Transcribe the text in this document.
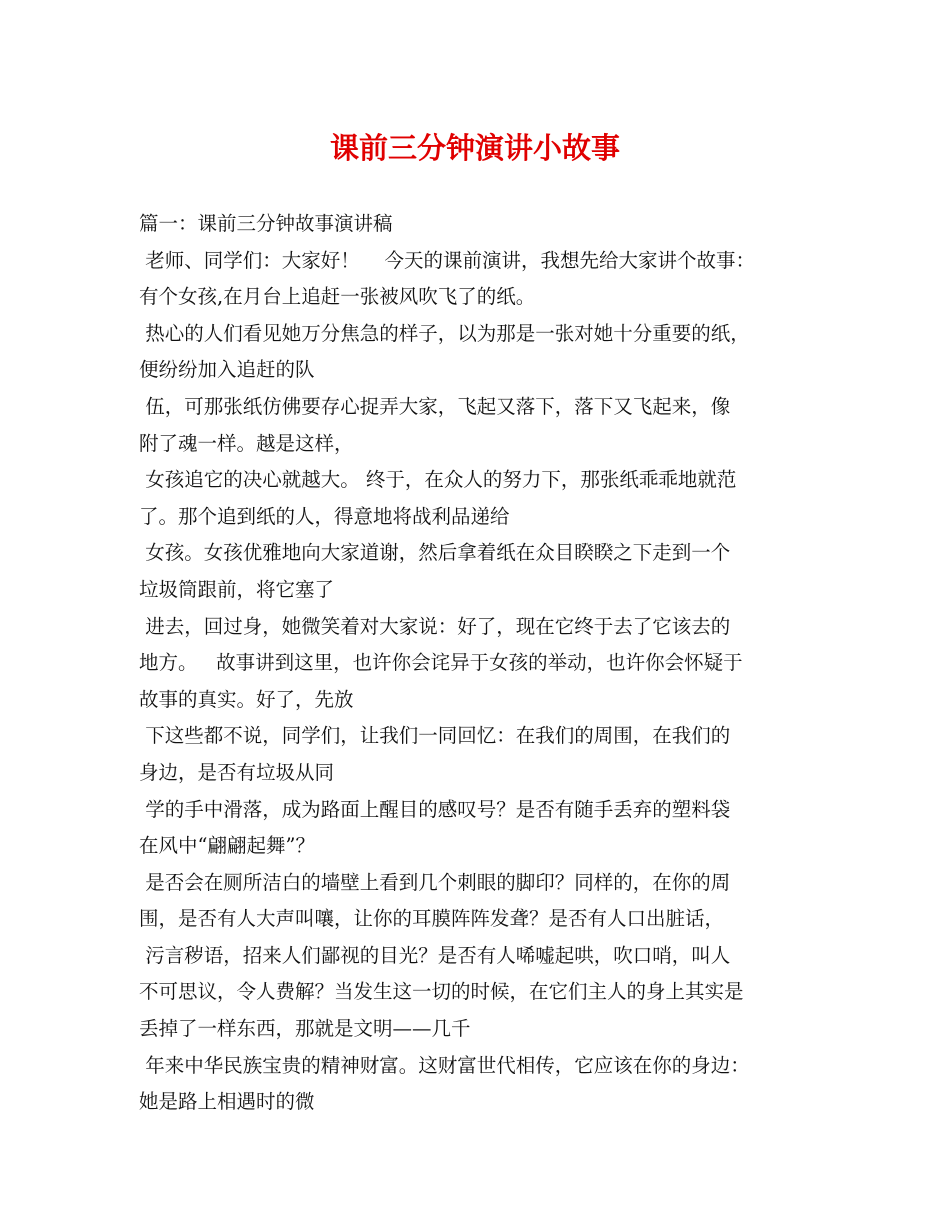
课前三分钟演讲小故事

篇一：课前三分钟故事演讲稿

老师、同学们：大家好！    今天的课前演讲，我想先给大家讲个故事：

有个女孩,在月台上追赶一张被风吹飞了的纸。

热心的人们看见她万分焦急的样子，以为那是一张对她十分重要的纸，

便纷纷加入追赶的队

伍，可那张纸仿佛要存心捉弄大家，飞起又落下，落下又飞起来，像

附了魂一样。越是这样，

女孩追它的决心就越大。 终于，在众人的努力下，那张纸乖乖地就范

了。那个追到纸的人，得意地将战利品递给

女孩。女孩优雅地向大家道谢，然后拿着纸在众目睽睽之下走到一个

垃圾筒跟前，将它塞了

进去，回过身，她微笑着对大家说：好了，现在它终于去了它该去的

地方。   故事讲到这里，也许你会诧异于女孩的举动，也许你会怀疑于

故事的真实。好了，先放

下这些都不说，同学们，让我们一同回忆：在我们的周围，在我们的

身边，是否有垃圾从同

学的手中滑落，成为路面上醒目的感叹号？是否有随手丢弃的塑料袋

在风中“翩翩起舞”？

是否会在厕所洁白的墙壁上看到几个刺眼的脚印？同样的，在你的周

围，是否有人大声叫嚷，让你的耳膜阵阵发聋？是否有人口出脏话，

污言秽语，招来人们鄙视的目光？是否有人唏嘘起哄，吹口哨，叫人

不可思议，令人费解？当发生这一切的时候，在它们主人的身上其实是

丢掉了一样东西，那就是文明——几千

年来中华民族宝贵的精神财富。这财富世代相传，它应该在你的身边：

她是路上相遇时的微
